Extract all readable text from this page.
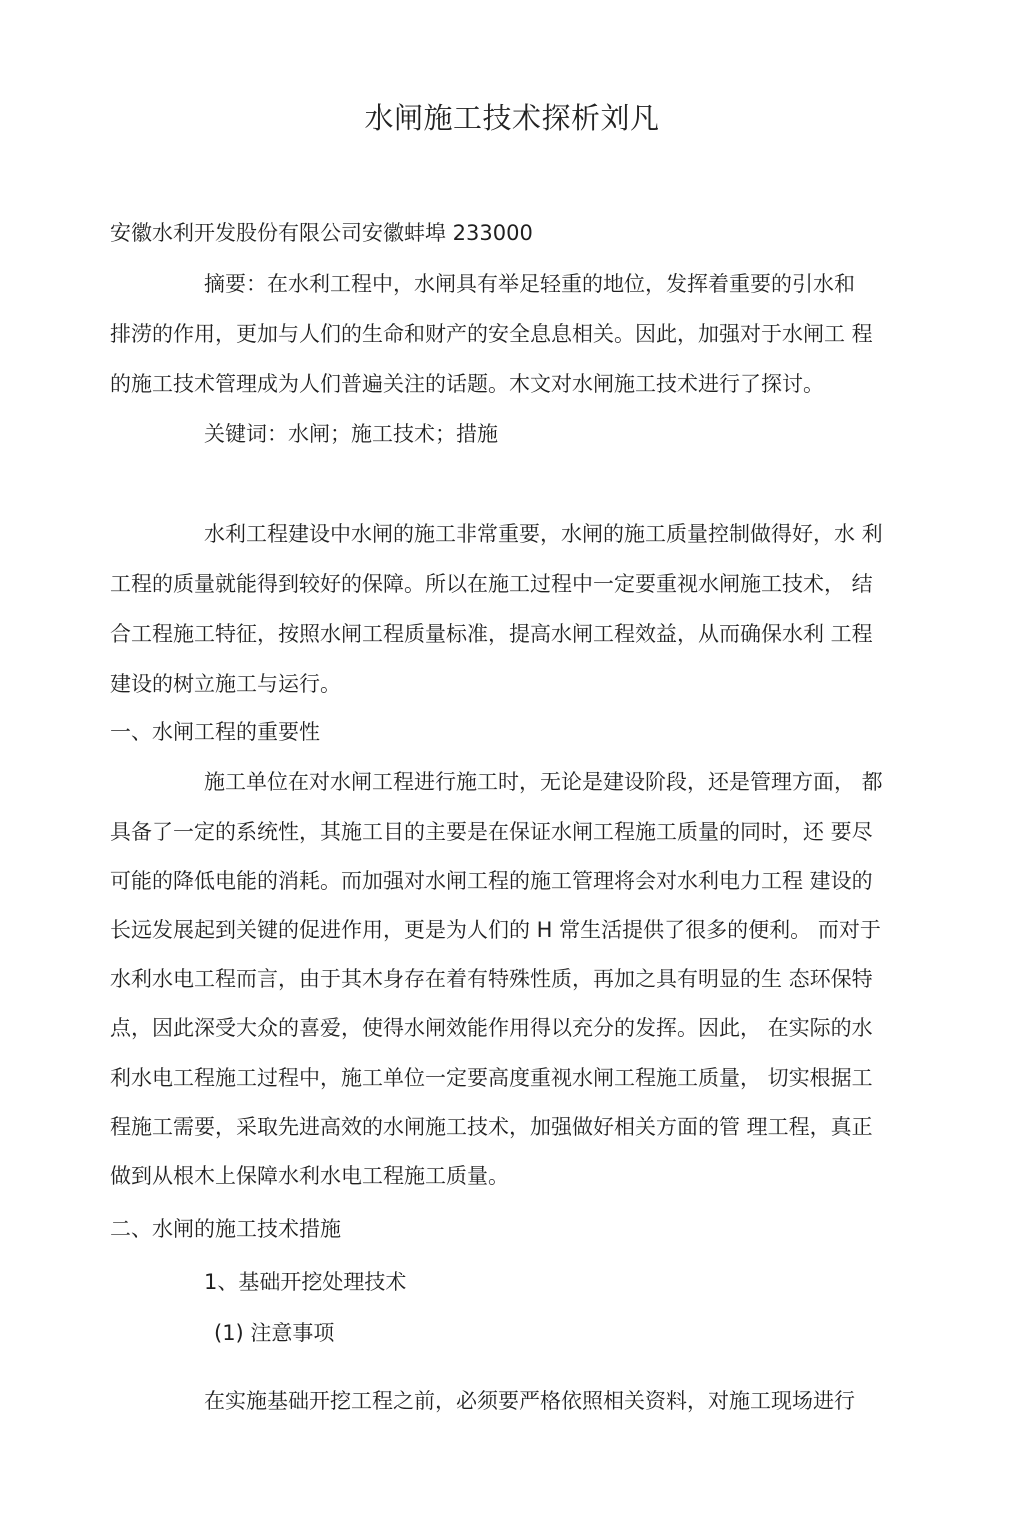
水闸施工技术探析刘凡
安徽水利开发股份有限公司安徽蚌埠 233000
摘要：在水利工程中，水闸具有举足轻重的地位，发挥着重要的引水和
排涝的作用，更加与人们的生命和财产的安全息息相关。因此，加强对于水闸工 程
的施工技术管理成为人们普遍关注的话题。木文对水闸施工技术进行了探讨。
关键词：水闸；施工技术；措施
水利工程建设中水闸的施工非常重要，水闸的施工质量控制做得好，水 利
工程的质量就能得到较好的保障。所以在施工过程中一定要重视水闸施工技术， 结
合工程施工特征，按照水闸工程质量标准，提高水闸工程效益，从而确保水利 工程
建设的树立施工与运行。
一、水闸工程的重要性
施工单位在对水闸工程进行施工时，无论是建设阶段，还是管理方面， 都
具备了一定的系统性，其施工目的主要是在保证水闸工程施工质量的同时，还 要尽
可能的降低电能的消耗。而加强对水闸工程的施工管理将会对水利电力工程 建设的
长远发展起到关键的促进作用，更是为人们的 H 常生活提供了很多的便利。 而对于
水利水电工程而言，由于其木身存在着有特殊性质，再加之具有明显的生 态环保特
点，因此深受大众的喜爱，使得水闸效能作用得以充分的发挥。因此， 在实际的水
利水电工程施工过程中，施工单位一定要高度重视水闸工程施工质量， 切实根据工
程施工需要，采取先进高效的水闸施工技术，加强做好相关方面的管 理工程，真正
做到从根木上保障水利水电工程施工质量。
二、水闸的施工技术措施
1、基础开挖处理技术
(1) 注意事项
在实施基础开挖工程之前，必须要严格依照相关资料，对施工现场进行
